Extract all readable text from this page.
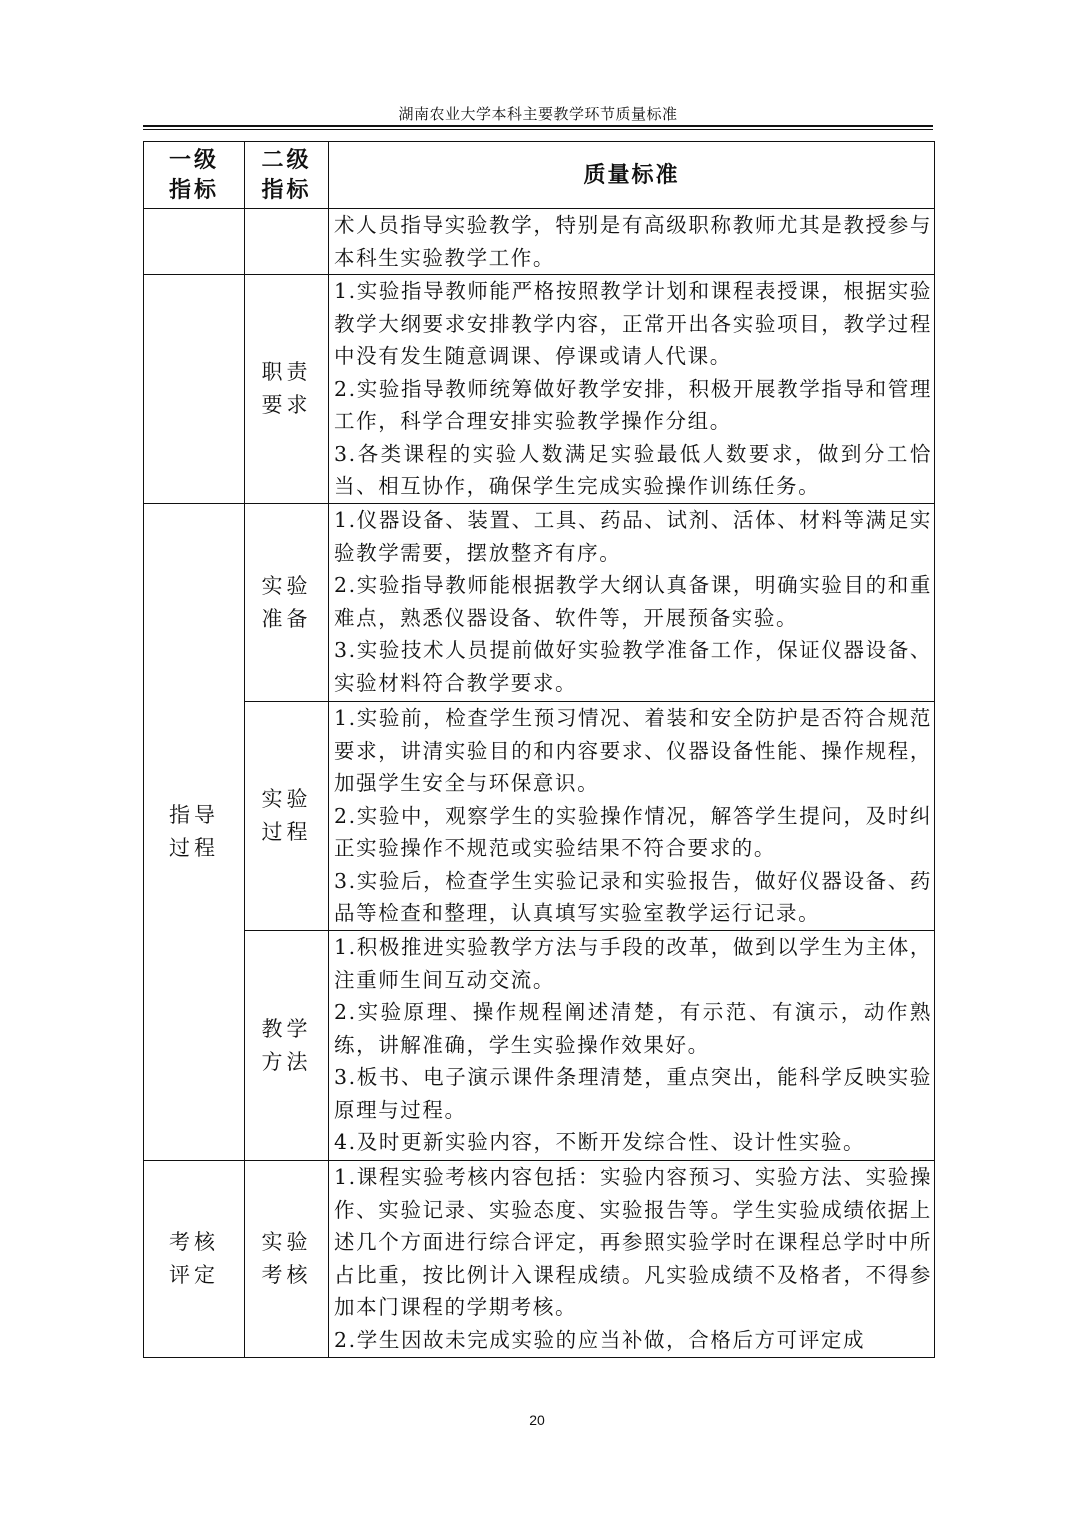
湖南农业大学本科主要教学环节质量标准
一级指标	二级指标	质量标准

		术人员指导实验教学，特别是有高级职称教师尤其是教授参与本科生实验教学工作。

	职责要求	1.实验指导教师能严格按照教学计划和课程表授课，根据实验教学大纲要求安排教学内容，正常开出各实验项目，教学过程中没有发生随意调课、停课或请人代课。

2.实验指导教师统筹做好教学安排，积极开展教学指导和管理工作，科学合理安排实验教学操作分组。

3.各类课程的实验人数满足实验最低人数要求，做到分工恰当、相互协作，确保学生完成实验操作训练任务。

指导过程	实验准备	1.仪器设备、装置、工具、药品、试剂、活体、材料等满足实验教学需要，摆放整齐有序。

2.实验指导教师能根据教学大纲认真备课，明确实验目的和重难点，熟悉仪器设备、软件等，开展预备实验。

3.实验技术人员提前做好实验教学准备工作，保证仪器设备、实验材料符合教学要求。

	实验过程	1.实验前，检查学生预习情况、着装和安全防护是否符合规范要求，讲清实验目的和内容要求、仪器设备性能、操作规程，加强学生安全与环保意识。

2.实验中，观察学生的实验操作情况，解答学生提问，及时纠正实验操作不规范或实验结果不符合要求的。

3.实验后，检查学生实验记录和实验报告，做好仪器设备、药品等检查和整理，认真填写实验室教学运行记录。

	教学方法	1.积极推进实验教学方法与手段的改革，做到以学生为主体，注重师生间互动交流。

2.实验原理、操作规程阐述清楚，有示范、有演示，动作熟练，讲解准确，学生实验操作效果好。

3.板书、电子演示课件条理清楚，重点突出，能科学反映实验原理与过程。

4.及时更新实验内容，不断开发综合性、设计性实验。

考核评定	实验考核	1.课程实验考核内容包括：实验内容预习、实验方法、实验操作、实验记录、实验态度、实验报告等。学生实验成绩依据上述几个方面进行综合评定，再参照实验学时在课程总学时中所占比重，按比例计入课程成绩。凡实验成绩不及格者，不得参加本门课程的学期考核。

2.学生因故未完成实验的应当补做，合格后方可评定成

20
